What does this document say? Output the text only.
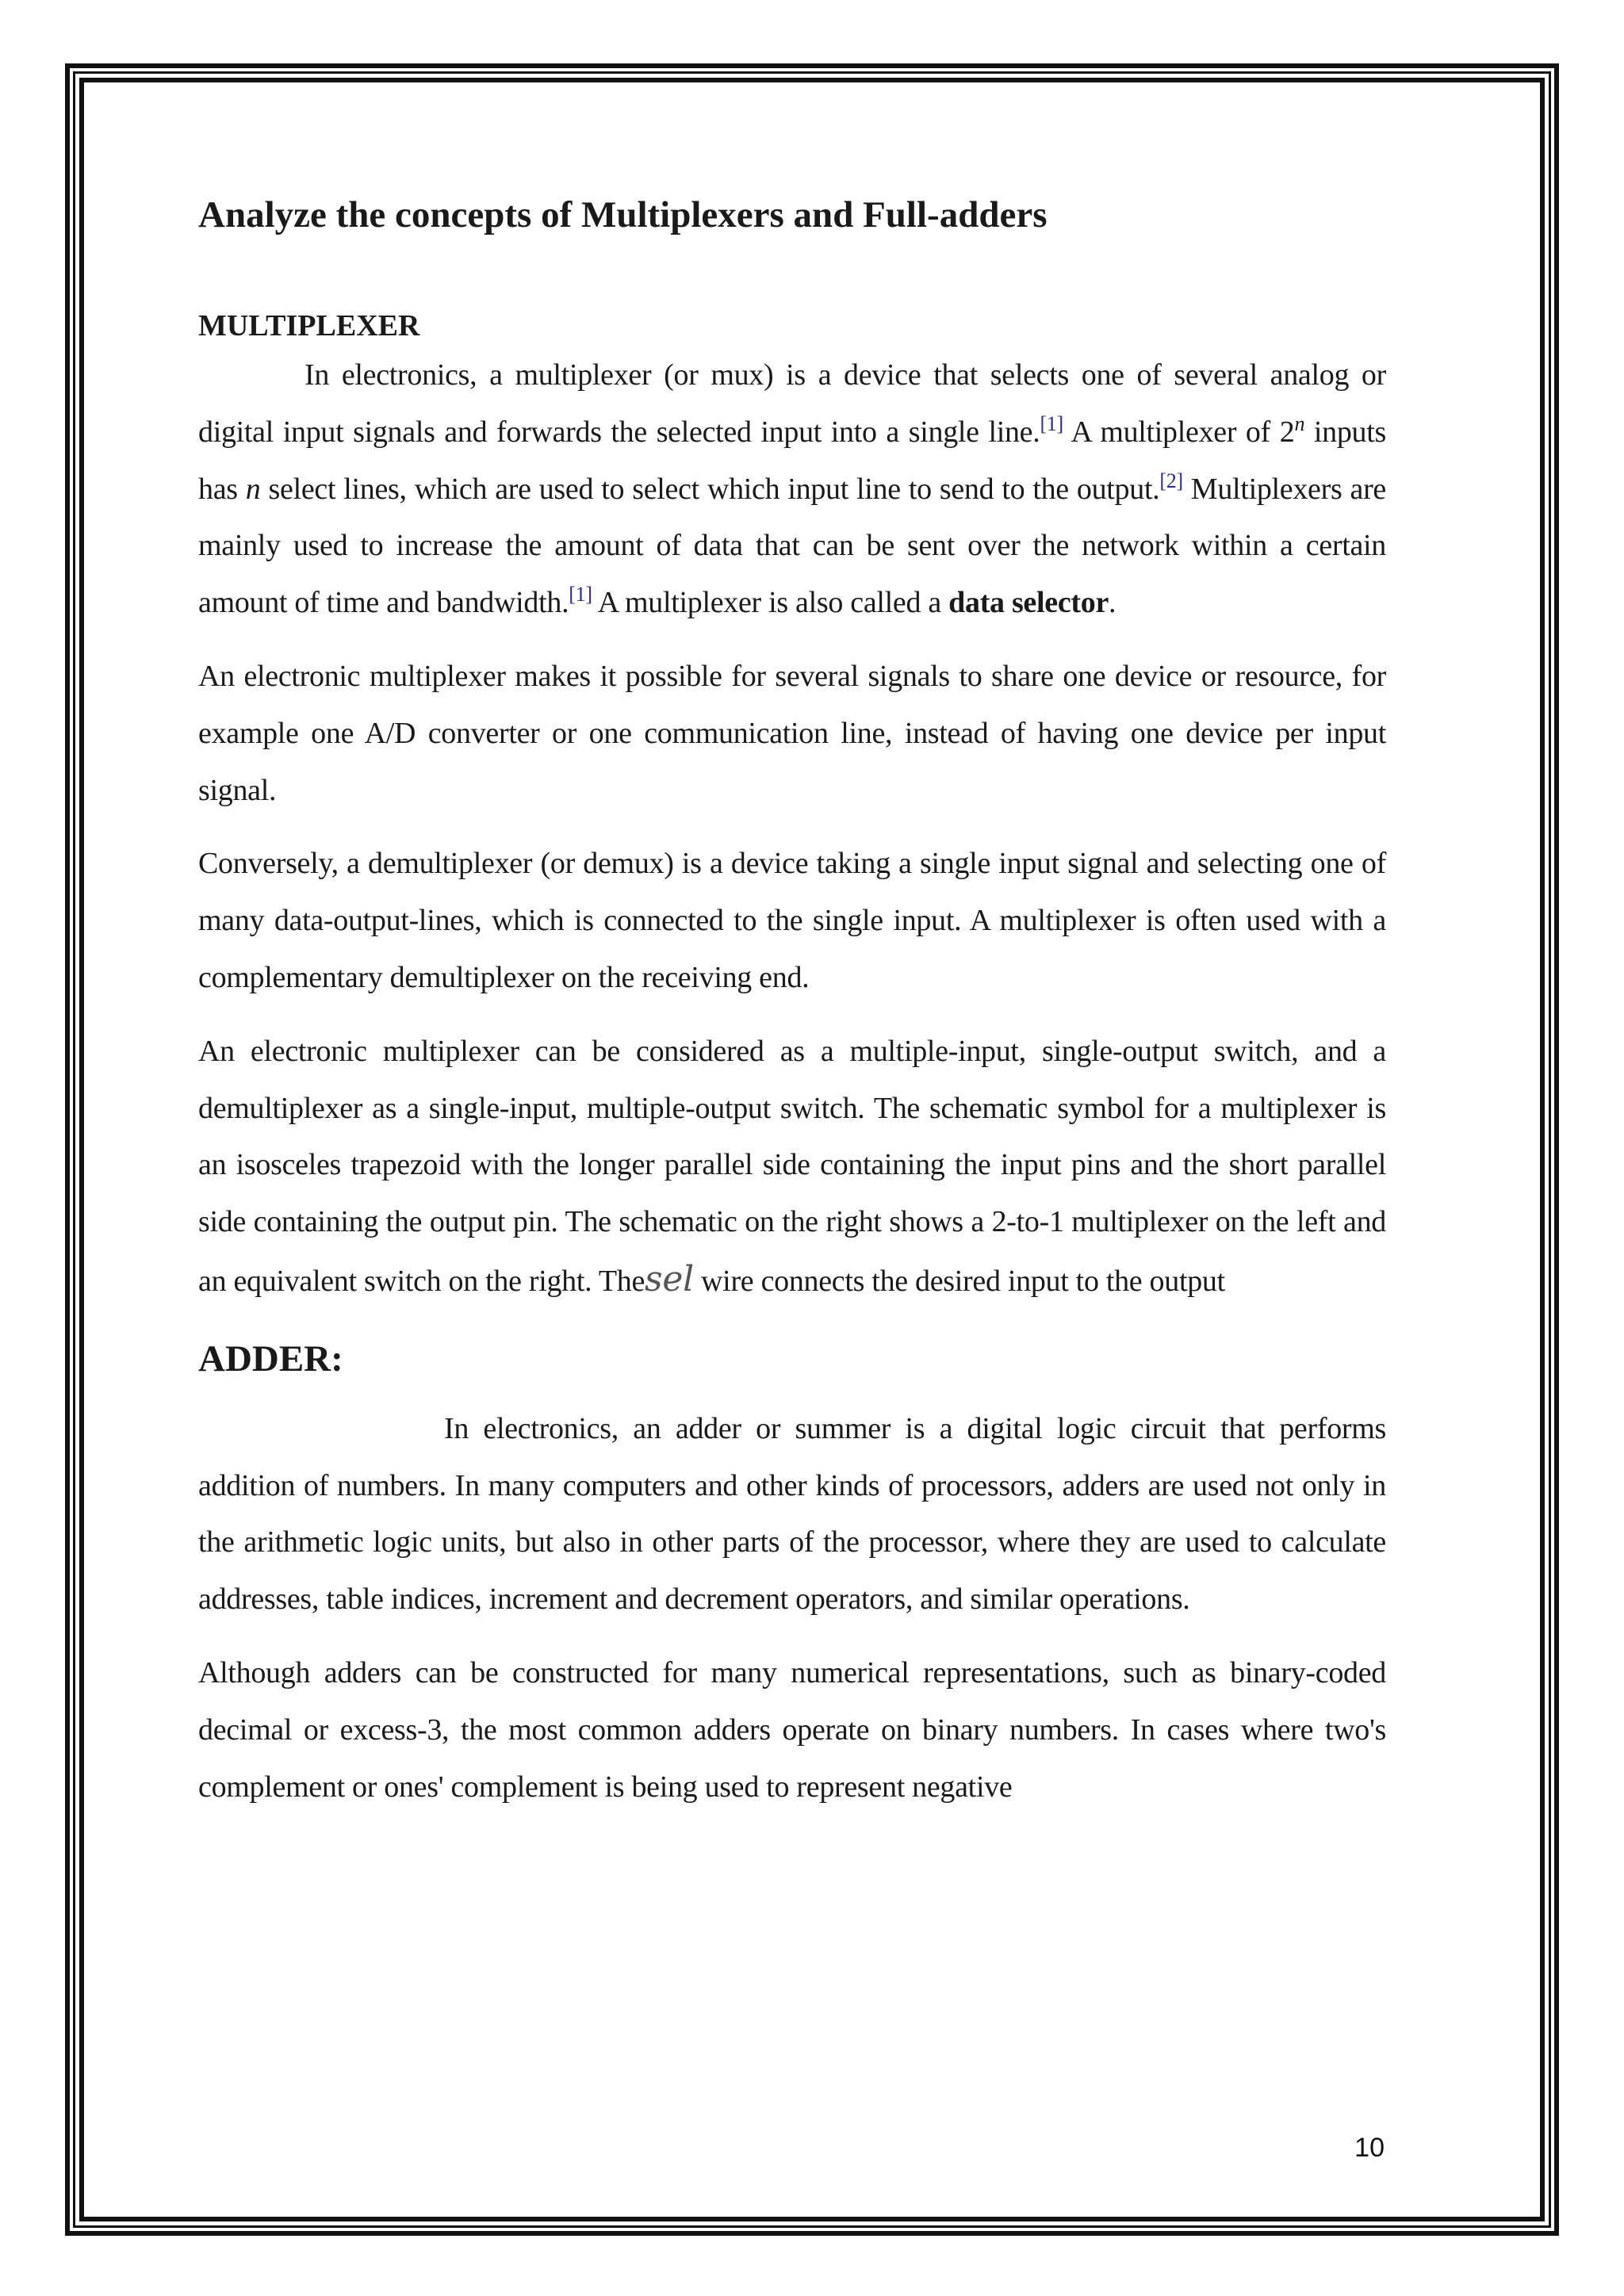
Analyze the concepts of Multiplexers and Full-adders
MULTIPLEXER

In electronics, a multiplexer (or mux) is a device that selects one of several analog or digital input signals and forwards the selected input into a single line.[1] A multiplexer of 2$^n$ inputs has n select lines, which are used to select which input line to send to the output.[2] Multiplexers are mainly used to increase the amount of data that can be sent over the network within a certain amount of time and bandwidth.[1] A multiplexer is also called a data selector.

An electronic multiplexer makes it possible for several signals to share one device or resource, for example one A/D converter or one communication line, instead of having one device per input signal.

Conversely, a demultiplexer (or demux) is a device taking a single input signal and selecting one of many data-output-lines, which is connected to the single input. A multiplexer is often used with a complementary demultiplexer on the receiving end.

An electronic multiplexer can be considered as a multiple-input, single-output switch, and a demultiplexer as a single-input, multiple-output switch. The schematic symbol for a multiplexer is an isosceles trapezoid with the longer parallel side containing the input pins and the short parallel side containing the output pin. The schematic on the right shows a 2-to-1 multiplexer on the left and an equivalent switch on the right. Thesel wire connects the desired input to the output

ADDER:

In electronics, an adder or summer is a digital logic circuit that performs addition of numbers. In many computers and other kinds of processors, adders are used not only in the arithmetic logic units, but also in other parts of the processor, where they are used to calculate addresses, table indices, increment and decrement operators, and similar operations.

Although adders can be constructed for many numerical representations, such as binary-coded decimal or excess-3, the most common adders operate on binary numbers. In cases where two's complement or ones' complement is being used to represent negative

10
